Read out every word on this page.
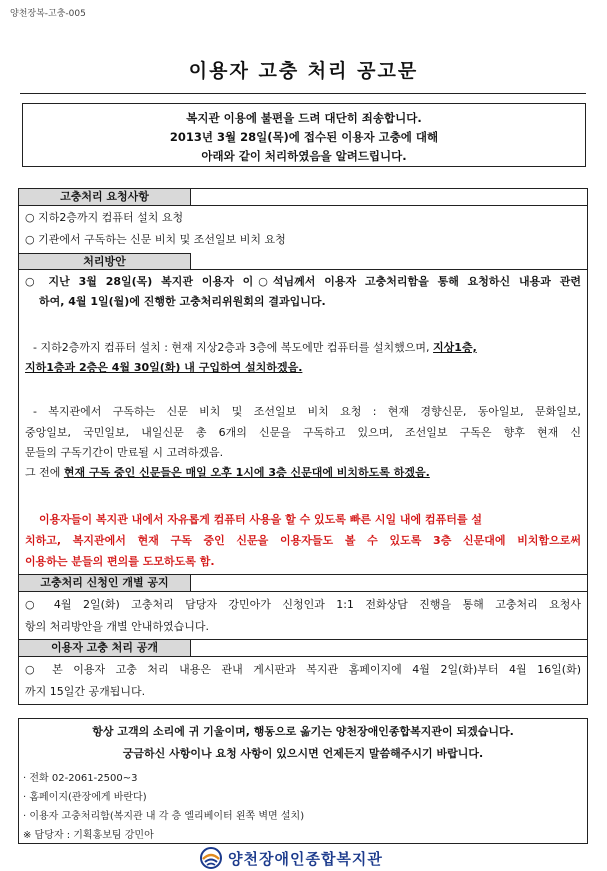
양천장복-고충-005
이용자 고충 처리 공고문
복지관 이용에 불편을 드려 대단히 죄송합니다.
2013년 3월 28일(목)에 접수된 이용자 고충에 대해
아래와 같이 처리하였음을 알려드립니다.
고충처리 요청사항
○ 지하2층까지 컴퓨터 설치 요청
○ 기관에서 구독하는 신문 비치 및 조선일보 비치 요청
처리방안
○ 지난 3월 28일(목) 복지관 이용자 이○석님께서 이용자 고충처리함을 통해 요청하신 내용과 관련
하여, 4월 1일(월)에 진행한 고충처리위원회의 결과입니다.
- 지하2층까지 컴퓨터 설치 : 현재 지상2층과 3층에 복도에만 컴퓨터를 설치했으며, 지상1층,
지하1층과 2층은 4월 30일(화) 내 구입하여 설치하겠음.
- 복지관에서 구독하는 신문 비치 및 조선일보 비치 요청 : 현재 경향신문, 동아일보, 문화일보,
중앙일보, 국민일보, 내일신문 총 6개의 신문을 구독하고 있으며, 조선일보 구독은 향후 현재 신
문들의 구독기간이 만료될 시 고려하겠음.
그 전에 현재 구독 중인 신문들은 매일 오후 1시에 3층 신문대에 비치하도록 하겠음.
이용자들이 복지관 내에서 자유롭게 컴퓨터 사용을 할 수 있도록 빠른 시일 내에 컴퓨터를 설
치하고, 복지관에서 현재 구독 중인 신문을 이용자들도 볼 수 있도록 3층 신문대에 비치함으로써
이용하는 분들의 편의를 도모하도록 함.
고충처리 신청인 개별 공지
○ 4월 2일(화) 고충처리 담당자 강민아가 신청인과 1:1 전화상담 진행을 통해 고충처리 요청사
항의 처리방안을 개별 안내하였습니다.
이용자 고충 처리 공개
○ 본 이용자 고충 처리 내용은 관내 게시판과 복지관 홈페이지에 4월 2일(화)부터 4월 16일(화)
까지 15일간 공개됩니다.
항상 고객의 소리에 귀 기울이며, 행동으로 옮기는 양천장애인종합복지관이 되겠습니다.
궁금하신 사항이나 요청 사항이 있으시면 언제든지 말씀해주시기 바랍니다.
· 전화 02-2061-2500~3
· 홈페이지(관장에게 바란다)
· 이용자 고충처리함(복지관 내 각 층 엘리베이터 왼쪽 벽면 설치)
※ 담당자 : 기획홍보팀 강민아
양천장애인종합복지관
